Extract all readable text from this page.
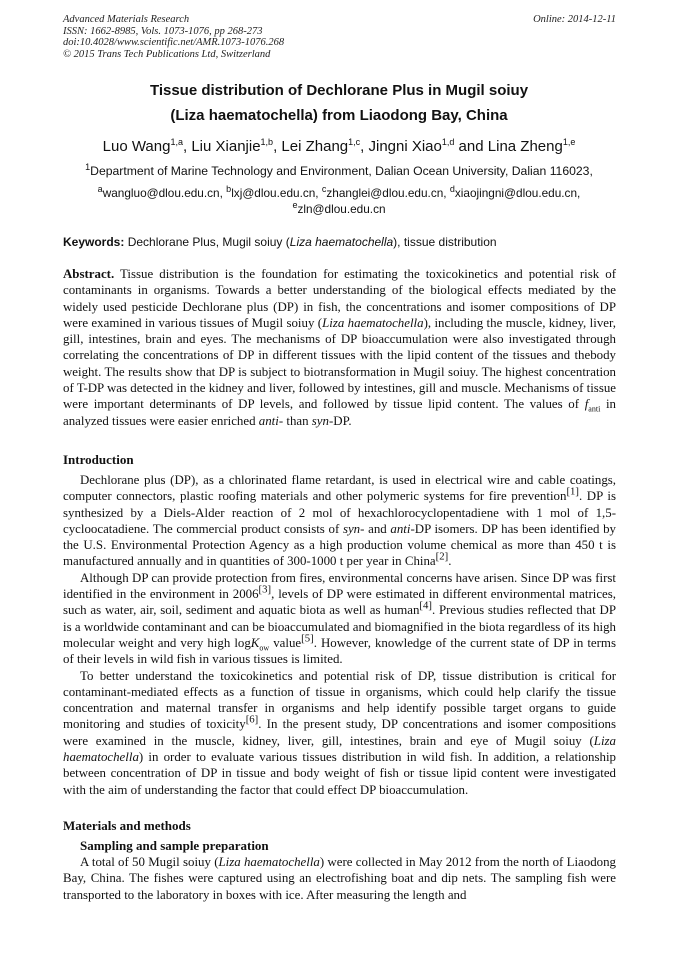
Advanced Materials Research
ISSN: 1662-8985, Vols. 1073-1076, pp 268-273
doi:10.4028/www.scientific.net/AMR.1073-1076.268
© 2015 Trans Tech Publications Ltd, Switzerland
Online: 2014-12-11
Tissue distribution of Dechlorane Plus in Mugil soiuy
(Liza haematochella) from Liaodong Bay, China
Luo Wang$^{1,a}$, Liu Xianjie$^{1,b}$, Lei Zhang$^{1,c}$, Jingni Xiao$^{1,d}$ and Lina Zheng$^{1,e}$
$^1$Department of Marine Technology and Environment, Dalian Ocean University, Dalian 116023,
$^a$wangluo@dlou.edu.cn, $^b$lxj@dlou.edu.cn, $^c$zhanglei@dlou.edu.cn, $^d$xiaojingni@dlou.edu.cn,
$^e$zln@dlou.edu.cn
Keywords: Dechlorane Plus, Mugil soiuy (Liza haematochella), tissue distribution
Abstract. Tissue distribution is the foundation for estimating the toxicokinetics and potential risk of contaminants in organisms. Towards a better understanding of the biological effects mediated by the widely used pesticide Dechlorane plus (DP) in fish, the concentrations and isomer compositions of DP were examined in various tissues of Mugil soiuy (Liza haematochella), including the muscle, kidney, liver, gill, intestines, brain and eyes. The mechanisms of DP bioaccumulation were also investigated through correlating the concentrations of DP in different tissues with the lipid content of the tissues and thebody weight. The results show that DP is subject to biotransformation in Mugil soiuy. The highest concentration of T-DP was detected in the kidney and liver, followed by intestines, gill and muscle. Mechanisms of tissue were important determinants of DP levels, and followed by tissue lipid content. The values of $f_{anti}$ in analyzed tissues were easier enriched anti- than syn-DP.
Introduction

Dechlorane plus (DP), as a chlorinated flame retardant, is used in electrical wire and cable coatings, computer connectors, plastic roofing materials and other polymeric systems for fire prevention[1]. DP is synthesized by a Diels-Alder reaction of 2 mol of hexachlorocyclopentadiene with 1 mol of 1,5-cycloocatadiene. The commercial product consists of syn- and anti-DP isomers. DP has been identified by the U.S. Environmental Protection Agency as a high production volume chemical as more than 450 t is manufactured annually and in quantities of 300-1000 t per year in China[2].

Although DP can provide protection from fires, environmental concerns have arisen. Since DP was first identified in the environment in 2006[3], levels of DP were estimated in different environmental matrices, such as water, air, soil, sediment and aquatic biota as well as human[4]. Previous studies reflected that DP is a worldwide contaminant and can be bioaccumulated and biomagnified in the biota regardless of its high molecular weight and very high logK$_{ow}$ value[5]. However, knowledge of the current state of DP in terms of their levels in wild fish in various tissues is limited.

To better understand the toxicokinetics and potential risk of DP, tissue distribution is critical for contaminant-mediated effects as a function of tissue in organisms, which could help clarify the tissue concentration and maternal transfer in organisms and help identify possible target organs to guide monitoring and studies of toxicity[6]. In the present study, DP concentrations and isomer compositions were examined in the muscle, kidney, liver, gill, intestines, brain and eye of Mugil soiuy (Liza haematochella) in order to evaluate various tissues distribution in wild fish. In addition, a relationship between concentration of DP in tissue and body weight of fish or tissue lipid content were investigated with the aim of understanding the factor that could effect DP bioaccumulation.

Materials and methods
Sampling and sample preparation

A total of 50 Mugil soiuy (Liza haematochella) were collected in May 2012 from the north of Liaodong Bay, China. The fishes were captured using an electrofishing boat and dip nets. The sampling fish were transported to the laboratory in boxes with ice. After measuring the length and
